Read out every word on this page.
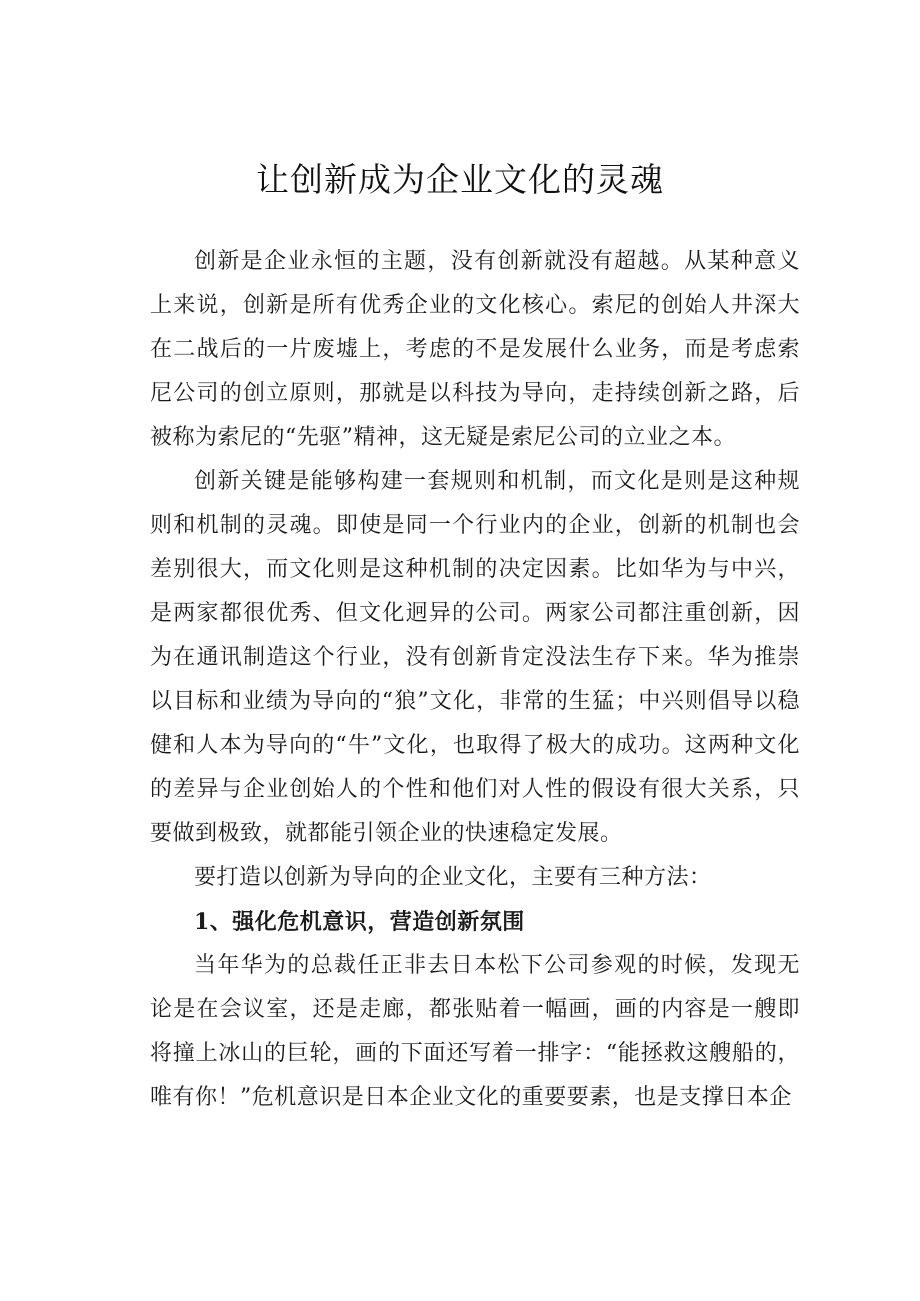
让创新成为企业文化的灵魂

创新是企业永恒的主题，没有创新就没有超越。从某种意义上来说，创新是所有优秀企业的文化核心。索尼的创始人井深大在二战后的一片废墟上，考虑的不是发展什么业务，而是考虑索尼公司的创立原则，那就是以科技为导向，走持续创新之路，后被称为索尼的“先驱”精神，这无疑是索尼公司的立业之本。

创新关键是能够构建一套规则和机制，而文化是则是这种规则和机制的灵魂。即使是同一个行业内的企业，创新的机制也会差别很大，而文化则是这种机制的决定因素。比如华为与中兴，是两家都很优秀、但文化迥异的公司。两家公司都注重创新，因为在通讯制造这个行业，没有创新肯定没法生存下来。华为推崇以目标和业绩为导向的“狼”文化，非常的生猛；中兴则倡导以稳健和人本为导向的“牛”文化，也取得了极大的成功。这两种文化的差异与企业创始人的个性和他们对人性的假设有很大关系，只要做到极致，就都能引领企业的快速稳定发展。

要打造以创新为导向的企业文化，主要有三种方法：

1、强化危机意识，营造创新氛围

当年华为的总裁任正非去日本松下公司参观的时候，发现无论是在会议室，还是走廊，都张贴着一幅画，画的内容是一艘即将撞上冰山的巨轮，画的下面还写着一排字：“能拯救这艘船的，唯有你！”危机意识是日本企业文化的重要要素，也是支撑日本企
